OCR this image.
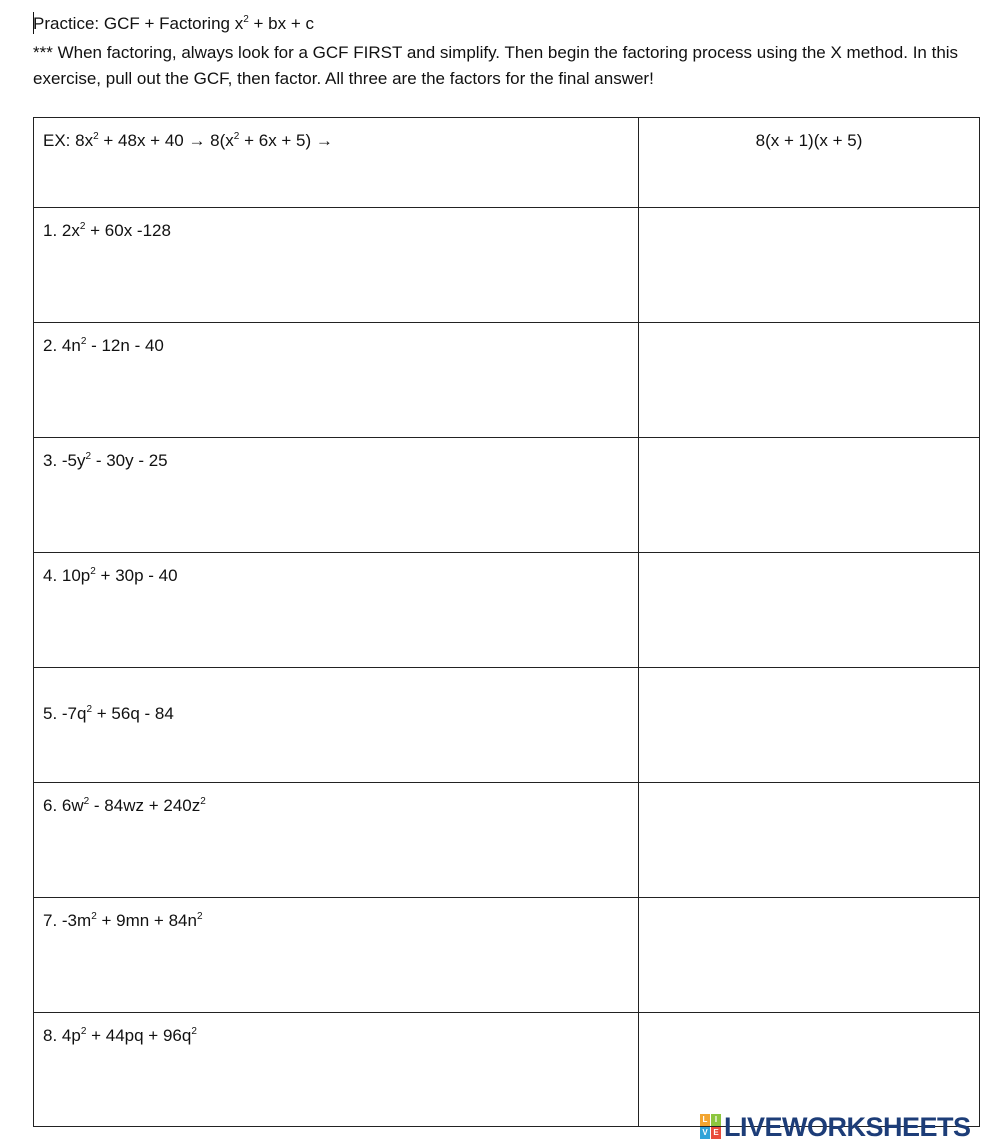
Practice: GCF + Factoring $x^2$ + bx + c
*** When factoring, always look for a GCF FIRST and simplify. Then begin the factoring process using the X method. In this exercise, pull out the GCF, then factor. All three are the factors for the final answer!
EX: $8x^2 + 48x + 40 \to 8(x^2 + 6x + 5)$ →	8(x + 1)(x + 5)

1. $2x^2 + 60x$ -128	

2. $4n^2 - 12n - 40$	

3. $-5y^2 - 30y - 25$	

4. $10p^2 + 30p - 40$	

5. $-7q^2 + 56q - 84$	

6. $6w^2 - 84wz + 240z^2$

7. $-3m^2 + 9mn + 84n^2$

8. $4p^2 + 44pq + 96q^2$

L I
V E LIVEWORKSHEETS
